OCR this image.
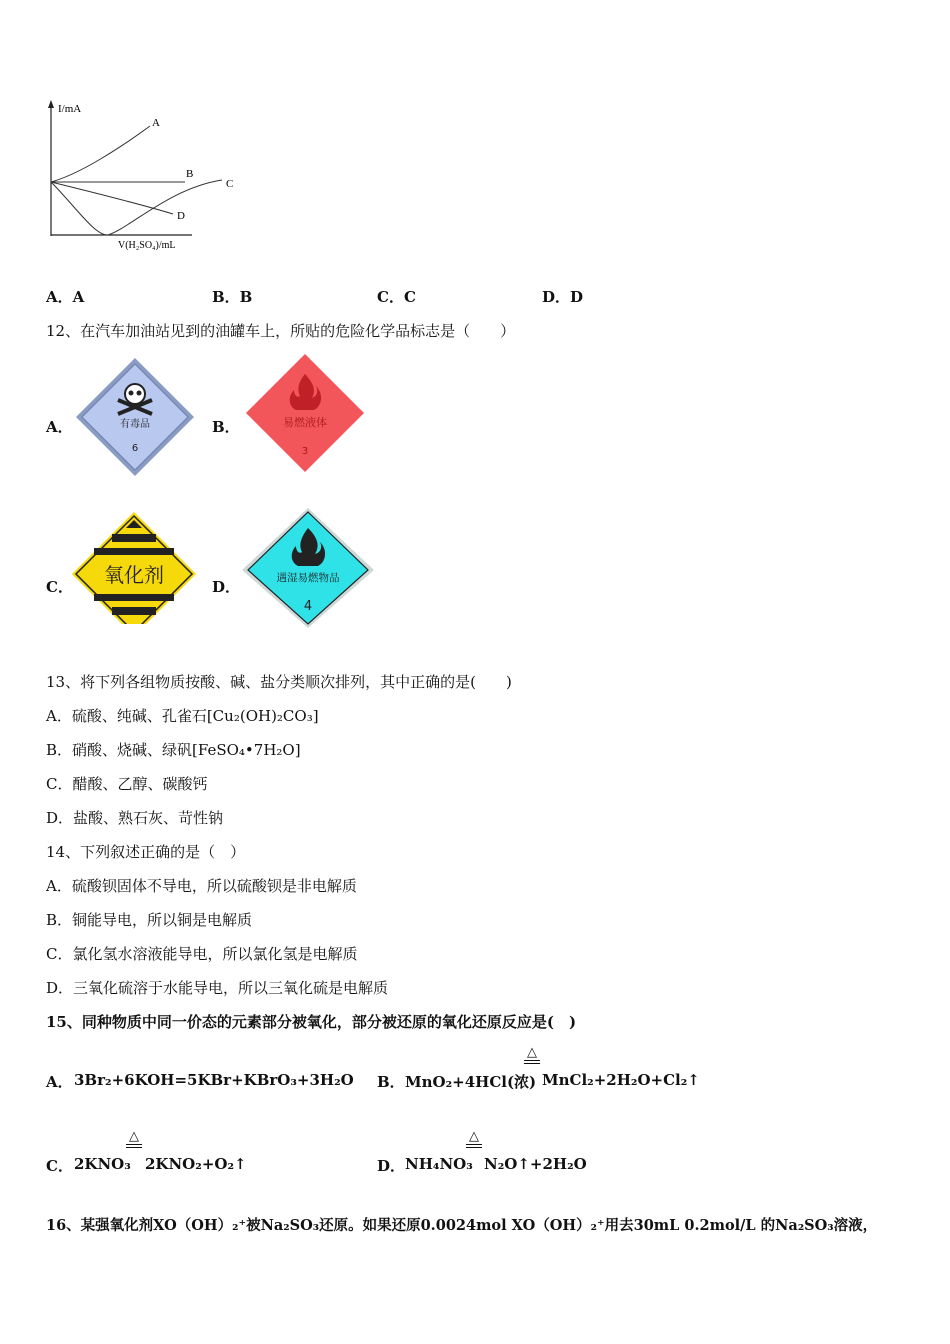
I/mA
V(H₂SO₄)/mL
A
B
C
D
A．A	B．B	C．C	D．D
12、在汽车加油站见到的油罐车上，所贴的危险化学品标志是（　　）
A．	有毒品
6
B．	易燃液体
3
C． 氧化剂	D．	遇湿易燃物品
4
13、将下列各组物质按酸、碱、盐分类顺次排列，其中正确的是(　　)
A．硫酸、纯碱、孔雀石[Cu₂(OH)₂CO₃]
B．硝酸、烧碱、绿矾[FeSO₄•7H₂O]
C．醋酸、乙醇、碳酸钙
D．盐酸、熟石灰、苛性钠
14、下列叙述正确的是（　）
A．硫酸钡固体不导电，所以硫酸钡是非电解质
B．铜能导电，所以铜是电解质
C．氯化氢水溶液能导电，所以氯化氢是电解质
D．三氧化硫溶于水能导电，所以三氧化硫是电解质
15、同种物质中同一价态的元素部分被氧化，部分被还原的氧化还原反应是(　)
A． 3Br₂+6KOH=5KBr+KBrO₃+3H₂O B． MnO₂+4HCl(浓)
△
MnCl₂+2H₂O+Cl₂↑
C． 2KNO₃
△
2KNO₂+O₂↑	D． NH₄NO₃
△
N₂O↑+2H₂O
16、某强氧化剂XO（OH）₂⁺被Na₂SO₃还原。如果还原0.0024mol XO（OH）₂⁺用去30mL 0.2mol/L 的Na₂SO₃溶液，
